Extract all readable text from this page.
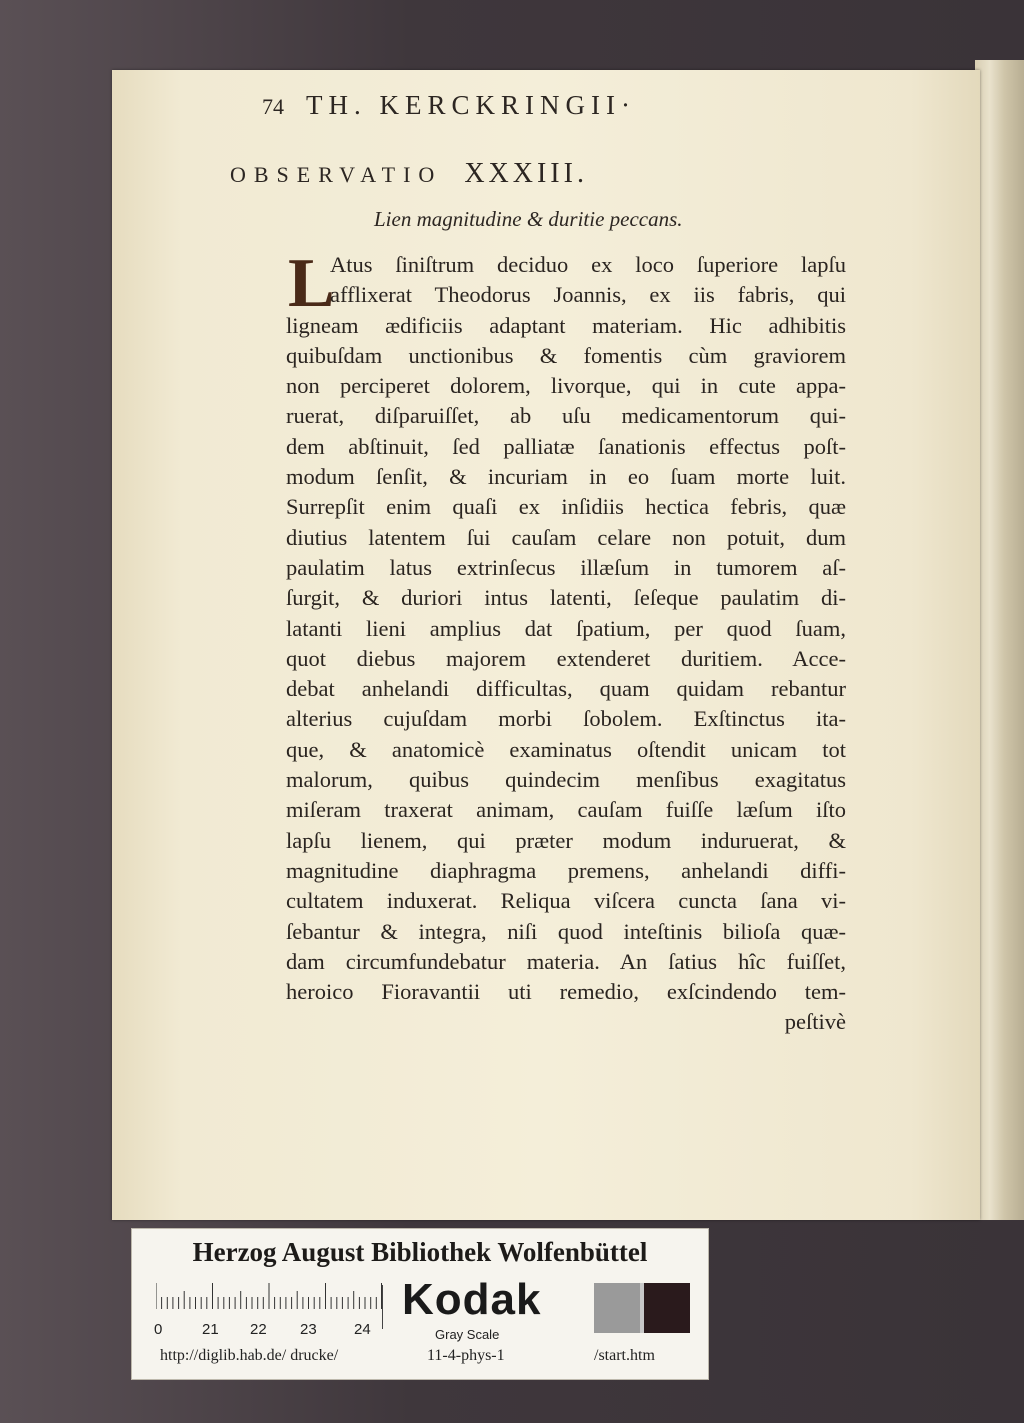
74 TH. KERCKRINGII·
OBSERVATIO XXXIII.
Lien magnitudine & duritie peccans.
L
Atus ſiniſtrum deciduo ex loco ſuperiore lapſu
afflixerat Theodorus Joannis, ex iis fabris, qui
ligneam ædificiis adaptant materiam. Hic adhibitis
quibuſdam unctionibus & fomentis cùm graviorem
non perciperet dolorem, livorque, qui in cute appa-
ruerat, diſparuiſſet, ab uſu medicamentorum qui-
dem abſtinuit, ſed palliatæ ſanationis effectus poſt-
modum ſenſit, & incuriam in eo ſuam morte luit.
Surrepſit enim quaſi ex inſidiis hectica febris, quæ
diutius latentem ſui cauſam celare non potuit, dum
paulatim latus extrinſecus illæſum in tumorem aſ-
ſurgit, & duriori intus latenti, ſeſeque paulatim di-
latanti lieni amplius dat ſpatium, per quod ſuam,
quot diebus majorem extenderet duritiem. Acce-
debat anhelandi difficultas, quam quidam rebantur
alterius cujuſdam morbi ſobolem. Exſtinctus ita-
que, & anatomicè examinatus oſtendit unicam tot
malorum, quibus quindecim menſibus exagitatus
miſeram traxerat animam, cauſam fuiſſe læſum iſto
lapſu lienem, qui præter modum induruerat, &
magnitudine diaphragma premens, anhelandi diffi-
cultatem induxerat. Reliqua viſcera cuncta ſana vi-
ſebantur & integra, niſi quod inteſtinis bilioſa quæ-
dam circumfundebatur materia. An ſatius hîc fuiſſet,
heroico Fioravantii uti remedio, exſcindendo tem-
peſtivè
Herzog August Bibliothek Wolfenbüttel
0	21 22 23 24
Kodak
Gray Scale
http://diglib.hab.de/ drucke/	11-4-phys-1	/start.htm
